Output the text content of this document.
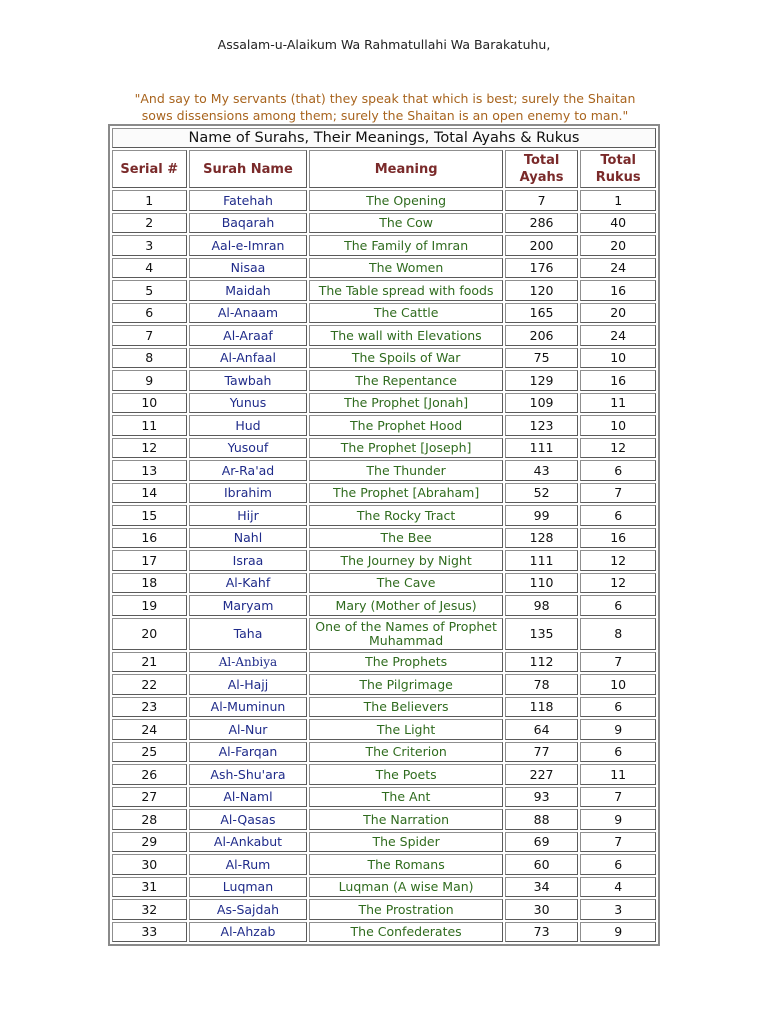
Assalam-u-Alaikum Wa Rahmatullahi Wa Barakatuhu,
"And say to My servants (that) they speak that which is best; surely the Shaitan sows dissensions among them; surely the Shaitan is an open enemy to man."
Name of Surahs, Their Meanings, Total Ayahs & Rukus				
Serial #	Surah Name	Meaning	Total Ayahs	Total Rukus
1	Fatehah	The Opening	7	1
2	Baqarah	The Cow	286	40
3	Aal-e-Imran	The Family of Imran	200	20
4	Nisaa	The Women	176	24
5	Maidah	The Table spread with foods	120	16
6	Al-Anaam	The Cattle	165	20
7	Al-Araaf	The wall with Elevations	206	24
8	Al-Anfaal	The Spoils of War	75	10
9	Tawbah	The Repentance	129	16
10	Yunus	The Prophet [Jonah]	109	11
11	Hud	The Prophet Hood	123	10
12	Yusouf	The Prophet [Joseph]	111	12
13	Ar-Ra'ad	The Thunder	43	6
14	Ibrahim	The Prophet [Abraham]	52	7
15	Hijr	The Rocky Tract	99	6
16	Nahl	The Bee	128	16
17	Israa	The Journey by Night	111	12
18	Al-Kahf	The Cave	110	12
19	Maryam	Mary (Mother of Jesus)	98	6
20	Taha	One of the Names of Prophet Muhammad	135	8
21	Al-Anbiya	The Prophets	112	7
22	Al-Hajj	The Pilgrimage	78	10
23	Al-Muminun	The Believers	118	6
24	Al-Nur	The Light	64	9
25	Al-Farqan	The Criterion	77	6
26	Ash-Shu'ara	The Poets	227	11
27	Al-Naml	The Ant	93	7
28	Al-Qasas	The Narration	88	9
29	Al-Ankabut	The Spider	69	7
30	Al-Rum	The Romans	60	6
31	Luqman	Luqman (A wise Man)	34	4
32	As-Sajdah	The Prostration	30	3
33	Al-Ahzab	The Confederates	73	9
